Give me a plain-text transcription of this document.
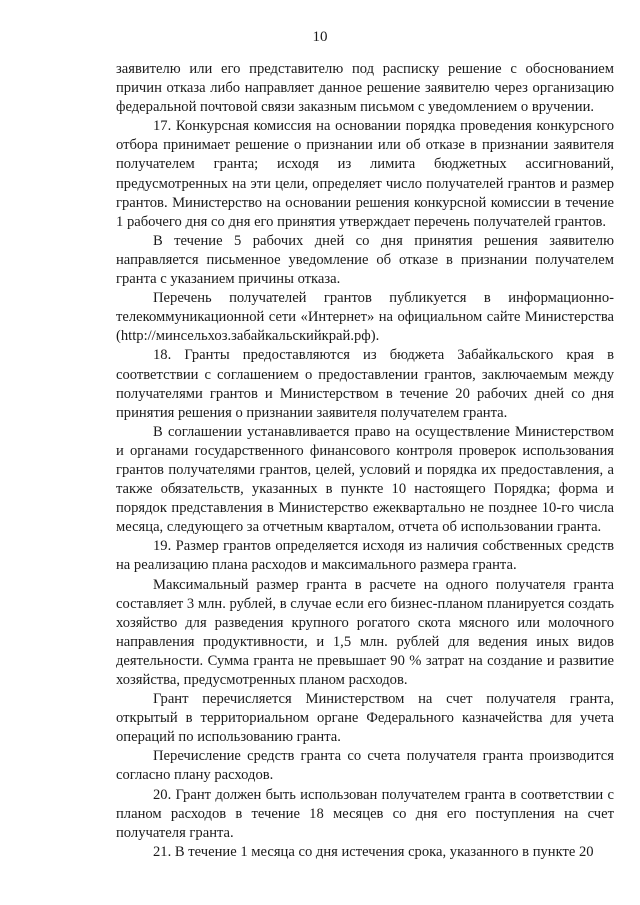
10

заявителю или его представителю под расписку решение с обоснованием причин отказа либо направляет данное решение заявителю через организацию федеральной почтовой связи заказным письмом с уведомлением о вручении.

17. Конкурсная комиссия на основании порядка проведения конкурсного отбора принимает решение о признании или об отказе в признании заявителя получателем гранта; исходя из лимита бюджетных ассигнований, предусмотренных на эти цели, определяет число получателей грантов и размер грантов. Министерство на основании решения конкурсной комиссии в течение 1 рабочего дня со дня его принятия утверждает перечень получателей грантов.

В течение 5 рабочих дней со дня принятия решения заявителю направляется письменное уведомление об отказе в признании получателем гранта с указанием причины отказа.

Перечень получателей грантов публикуется в информационно-телекоммуникационной сети «Интернет» на официальном сайте Министерства (http://минсельхоз.забайкальскийкрай.рф).

18. Гранты предоставляются из бюджета Забайкальского края в соответствии с соглашением о предоставлении грантов, заключаемым между получателями грантов и Министерством в течение 20 рабочих дней со дня принятия решения о признании заявителя получателем гранта.

В соглашении устанавливается право на осуществление Министерством и органами государственного финансового контроля проверок использования грантов получателями грантов, целей, условий и порядка их предоставления, а также обязательств, указанных в пункте 10 настоящего Порядка; форма и порядок представления в Министерство ежеквартально не позднее 10-го числа месяца, следующего за отчетным кварталом, отчета об использовании гранта.

19. Размер грантов определяется исходя из наличия собственных средств на реализацию плана расходов и максимального размера гранта.

Максимальный размер гранта в расчете на одного получателя гранта составляет 3 млн. рублей, в случае если его бизнес-планом планируется создать хозяйство для разведения крупного рогатого скота мясного или молочного направления продуктивности, и 1,5 млн. рублей для ведения иных видов деятельности. Сумма гранта не превышает 90 % затрат на создание и развитие хозяйства, предусмотренных планом расходов.

Грант перечисляется Министерством на счет получателя гранта, открытый в территориальном органе Федерального казначейства для учета операций по использованию гранта.

Перечисление средств гранта со счета получателя гранта производится согласно плану расходов.

20. Грант должен быть использован получателем гранта в соответствии с планом расходов в течение 18 месяцев со дня его поступления на счет получателя гранта.

21. В течение 1 месяца со дня истечения срока, указанного в пункте 20
